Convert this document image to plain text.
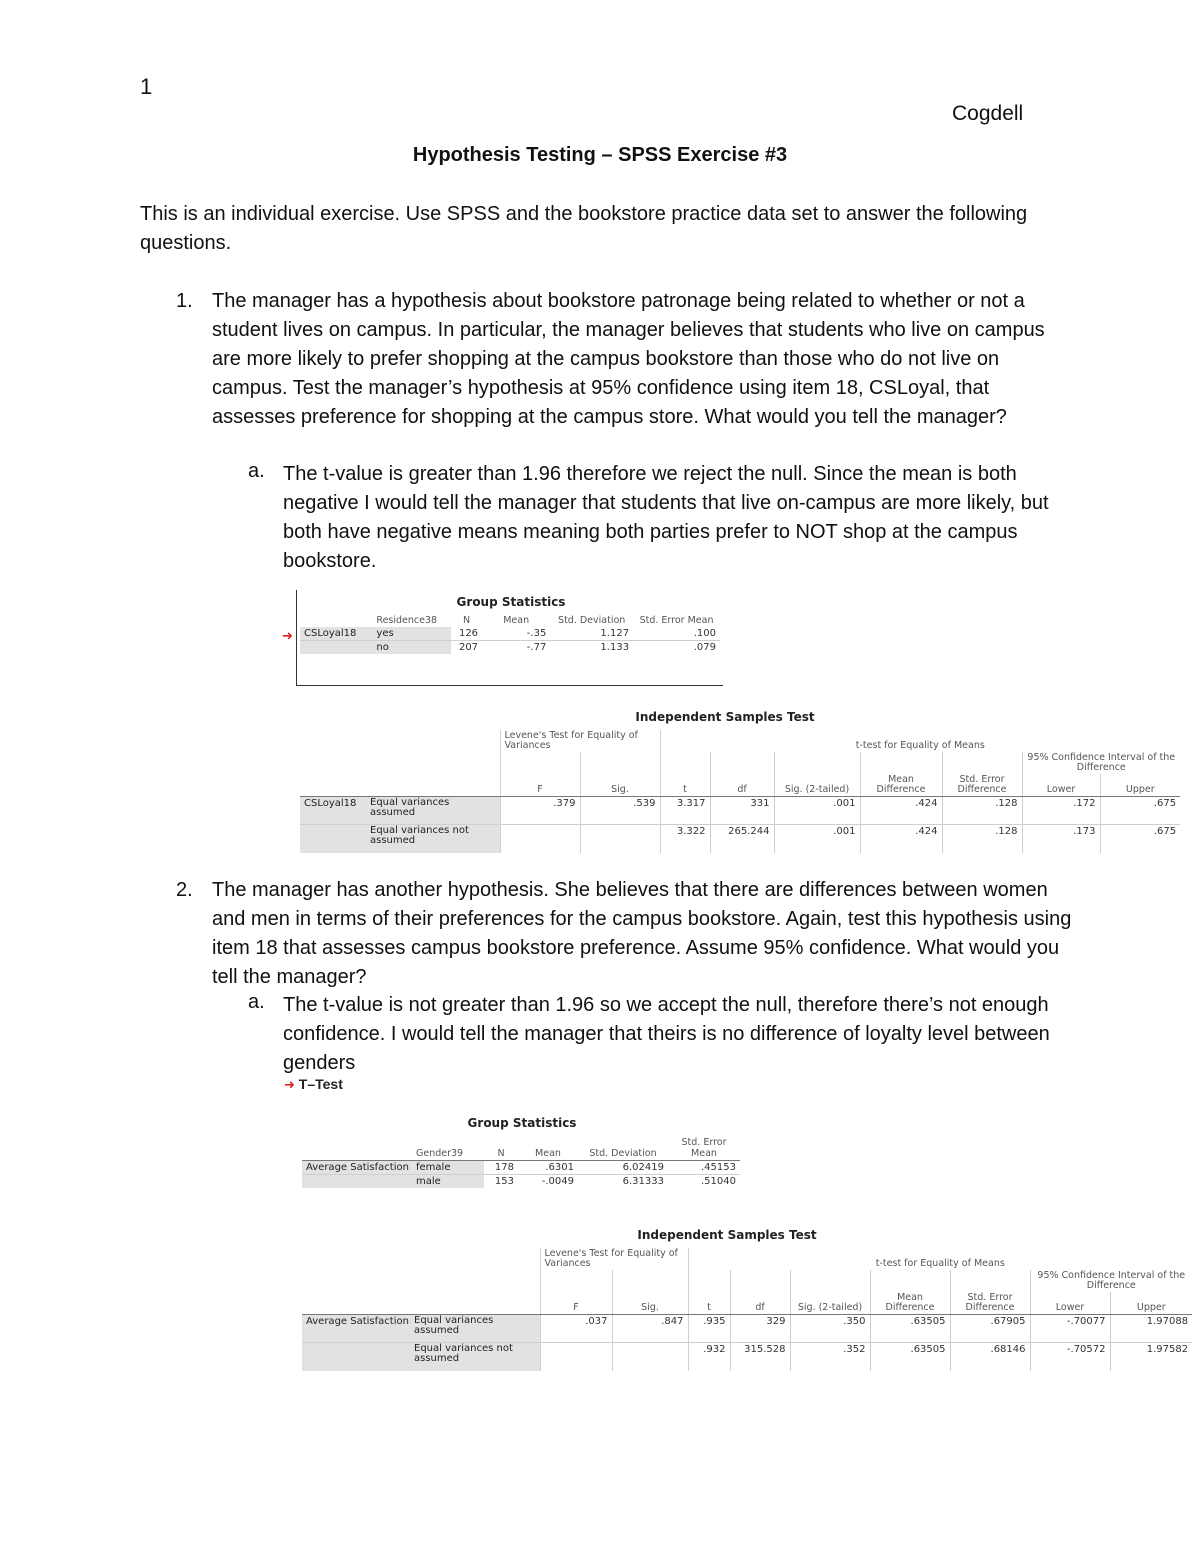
1
Cogdell
Hypothesis Testing – SPSS Exercise #3
This is an individual exercise. Use SPSS and the bookstore practice data set to answer the following questions.
1. The manager has a hypothesis about bookstore patronage being related to whether or not a student lives on campus. In particular, the manager believes that students who live on campus are more likely to prefer shopping at the campus bookstore than those who do not live on campus. Test the manager’s hypothesis at 95% confidence using item 18, CSLoyal, that assesses preference for shopping at the campus store. What would you tell the manager?
a. The t-value is greater than 1.96 therefore we reject the null. Since the mean is both negative I would tell the manager that students that live on-campus are more likely, but both have negative means meaning both parties prefer to NOT shop at the campus bookstore.
Group Statistics
	Residence38	N	Mean	Std. Deviation	Std. Error Mean
CSLoyal18	yes	126	-.35	1.127	.100
	no	207	-.77	1.133	.079
➜
Independent Samples Test
		Levene's Test for Equality of Variances		t-test for Equality of Means						
									95% Confidence Interval of the Difference	
		F	Sig.	t	df	Sig. (2-tailed)	Mean Difference	Std. Error Difference	Lower	Upper
CSLoyal18	Equal variances assumed	.379	.539	3.317	331	.001	.424	.128	.172	.675
	Equal variances not assumed			3.322	265.244	.001	.424	.128	.173	.675
2. The manager has another hypothesis. She believes that there are differences between women and men in terms of their preferences for the campus bookstore. Again, test this hypothesis using item 18 that assesses campus bookstore preference. Assume 95% confidence. What would you tell the manager?
a. The t-value is not greater than 1.96 so we accept the null, therefore there’s not enough confidence. I would tell the manager that theirs is no difference of loyalty level between genders
➜ T–Test
Group Statistics
	Gender39	N	Mean	Std. Deviation	Std. Error Mean
Average Satisfaction	female	178	.6301	6.02419	.45153
	male	153	-.0049	6.31333	.51040
Independent Samples Test
		Levene's Test for Equality of Variances		t-test for Equality of Means						
									95% Confidence Interval of the Difference	
		F	Sig.	t	df	Sig. (2-tailed)	Mean Difference	Std. Error Difference	Lower	Upper
Average Satisfaction	Equal variances assumed	.037	.847	.935	329	.350	.63505	.67905	-.70077	1.97088
	Equal variances not assumed			.932	315.528	.352	.63505	.68146	-.70572	1.97582
